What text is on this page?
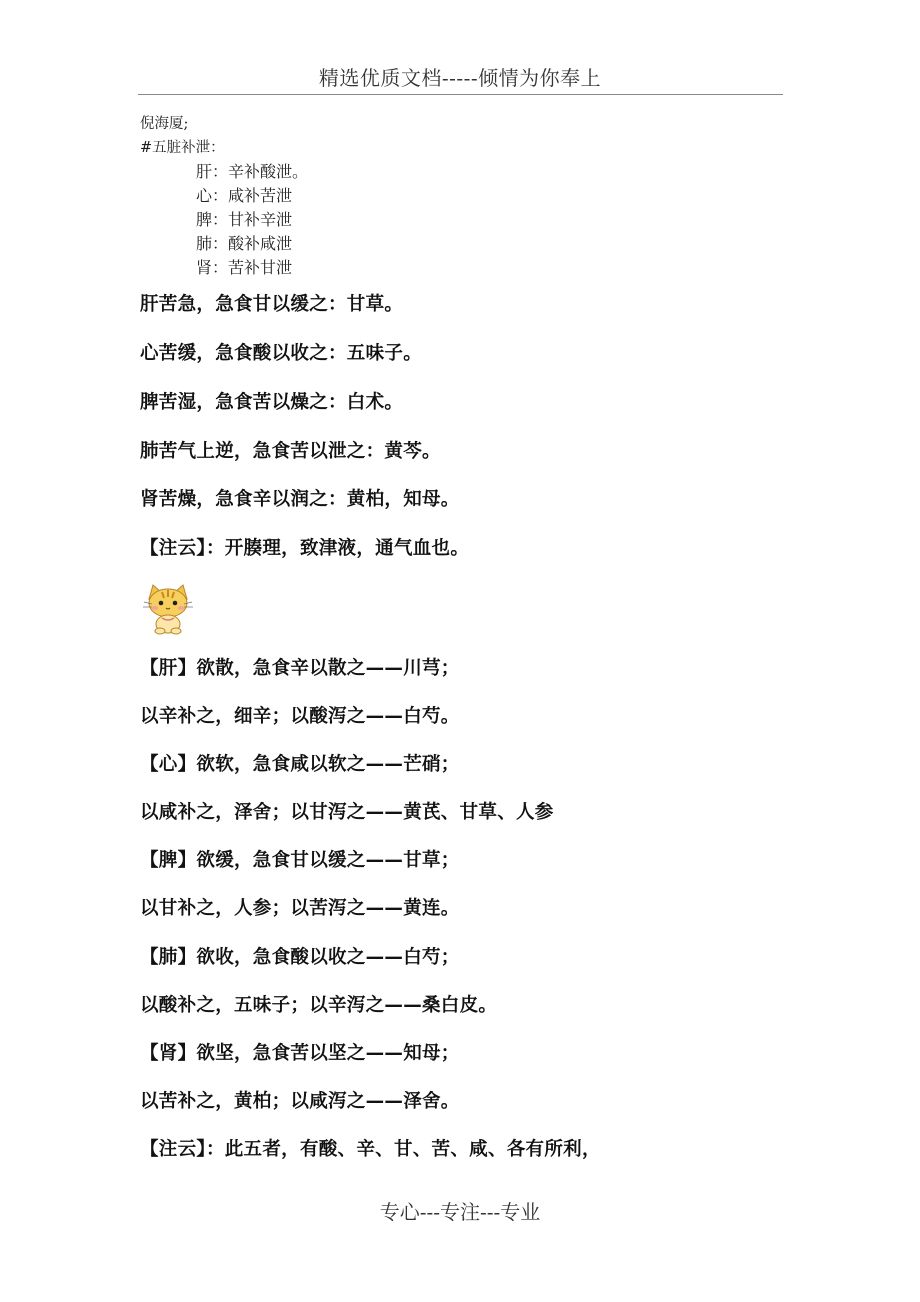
精选优质文档-----倾情为你奉上
倪海厦;
#五脏补泄：
肝：辛补酸泄。
心：咸补苦泄
脾：甘补辛泄
肺：酸补咸泄
肾：苦补甘泄
肝苦急，急食甘以缓之：甘草。
心苦缓，急食酸以收之：五味子。
脾苦湿，急食苦以燥之：白术。
肺苦气上逆，急食苦以泄之：黄芩。
肾苦燥，急食辛以润之：黄柏，知母。
【注云】：开腠理，致津液，通气血也。
【肝】欲散，急食辛以散之——川芎；
以辛补之，细辛；以酸泻之——白芍。
【心】欲软，急食咸以软之——芒硝；
以咸补之，泽舍；以甘泻之——黄芪、甘草、人参
【脾】欲缓，急食甘以缓之——甘草；
以甘补之，人参；以苦泻之——黄连。
【肺】欲收，急食酸以收之——白芍；
以酸补之，五味子；以辛泻之——桑白皮。
【肾】欲坚，急食苦以坚之——知母；
以苦补之，黄柏；以咸泻之——泽舍。
【注云】：此五者，有酸、辛、甘、苦、咸、各有所利，
专心---专注---专业
